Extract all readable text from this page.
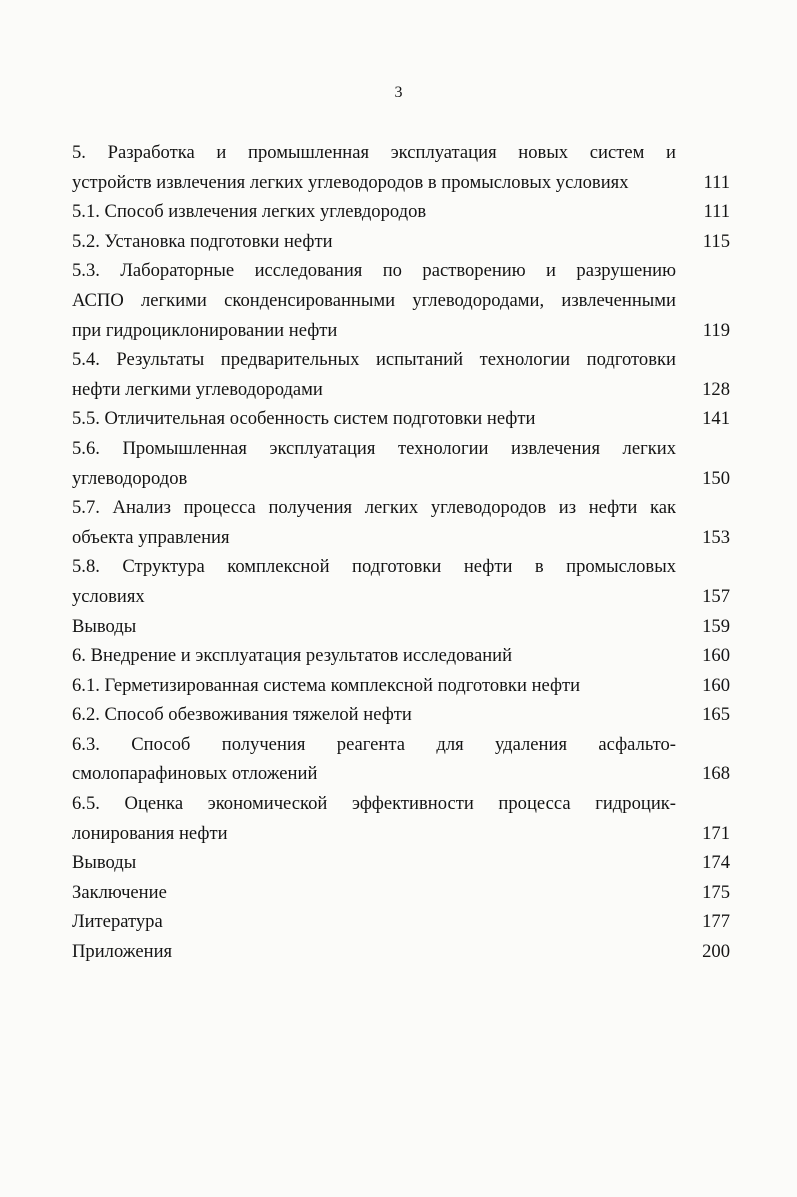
3
5. Разработка и промышленная эксплуатация новых систем и
устройств извлечения легких углеводородов в промысловых условиях	111
5.1. Способ извлечения легких углевдородов	111
5.2. Установка подготовки нефти	115
5.3. Лабораторные исследования по растворению и разрушению
АСПО легкими сконденсированными углеводородами, извлеченными
при гидроциклонировании нефти	119
5.4. Результаты предварительных испытаний технологии подготовки
нефти легкими углеводородами	128
5.5. Отличительная особенность систем подготовки нефти	141
5.6. Промышленная эксплуатация технологии извлечения легких
углеводородов	150
5.7. Анализ процесса получения легких углеводородов из нефти как
объекта управления	153
5.8. Структура комплексной подготовки нефти в промысловых
условиях	157
Выводы	159
6. Внедрение и эксплуатация результатов исследований	160
6.1. Герметизированная система комплексной подготовки нефти	160
6.2. Способ обезвоживания тяжелой нефти	165
6.3. Способ получения реагента для удаления асфальто-
смолопарафиновых отложений	168
6.5. Оценка экономической эффективности процесса гидроцик-
лонирования нефти	171
Выводы	174
Заключение	175
Литература	177
Приложения	200
